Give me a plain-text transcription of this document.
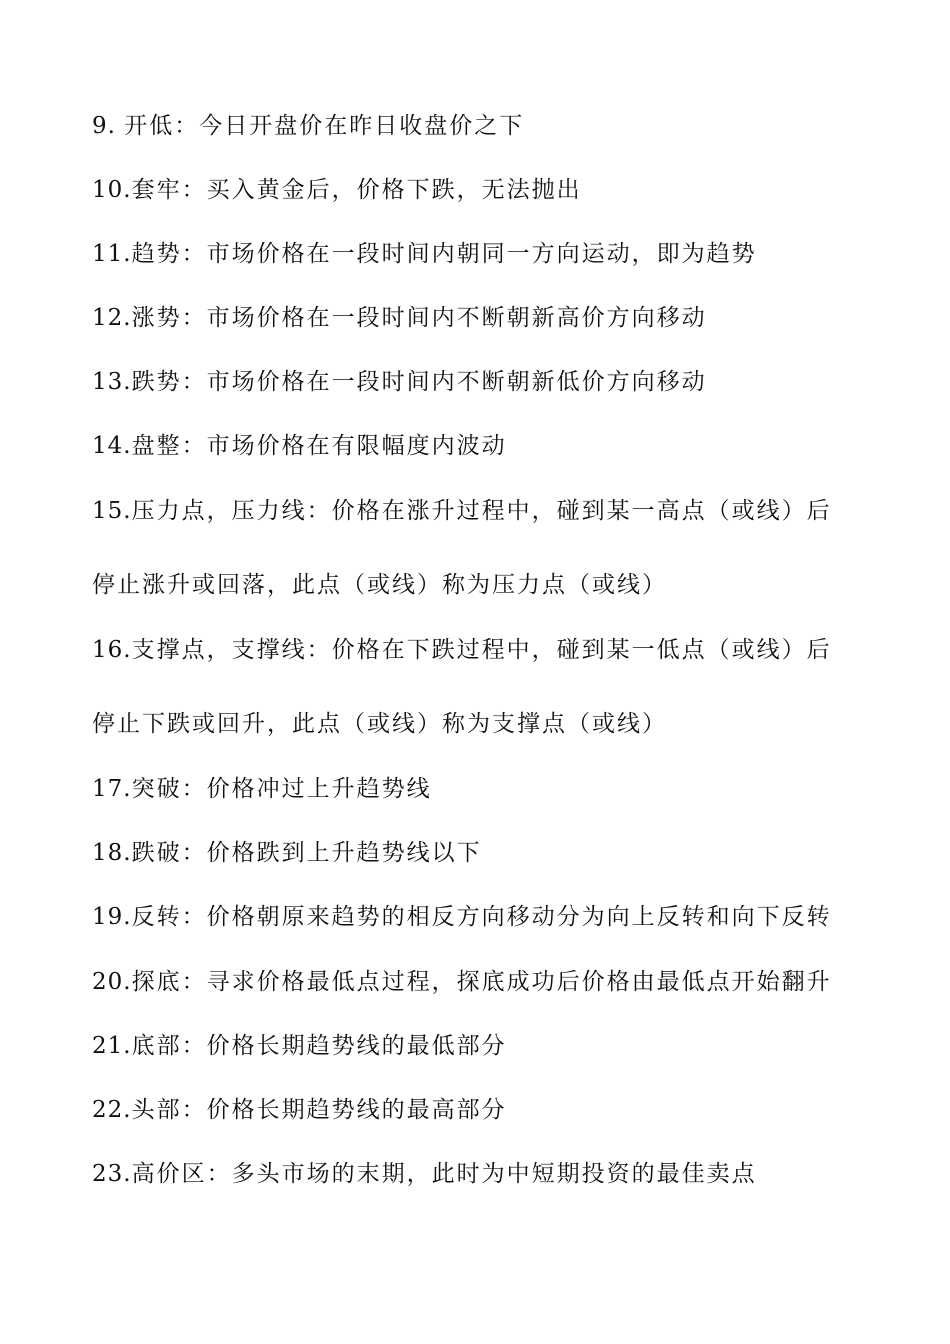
9. 开低：今日开盘价在昨日收盘价之下
10.套牢：买入黄金后，价格下跌，无法抛出
11.趋势：市场价格在一段时间内朝同一方向运动，即为趋势
12.涨势：市场价格在一段时间内不断朝新高价方向移动
13.跌势：市场价格在一段时间内不断朝新低价方向移动
14.盘整：市场价格在有限幅度内波动
15.压力点，压力线：价格在涨升过程中，碰到某一高点（或线）后
停止涨升或回落，此点（或线）称为压力点（或线）
16.支撑点，支撑线：价格在下跌过程中，碰到某一低点（或线）后
停止下跌或回升，此点（或线）称为支撑点（或线）
17.突破：价格冲过上升趋势线
18.跌破：价格跌到上升趋势线以下
19.反转：价格朝原来趋势的相反方向移动分为向上反转和向下反转
20.探底：寻求价格最低点过程，探底成功后价格由最低点开始翻升
21.底部：价格长期趋势线的最低部分
22.头部：价格长期趋势线的最高部分
23.高价区：多头市场的末期，此时为中短期投资的最佳卖点
